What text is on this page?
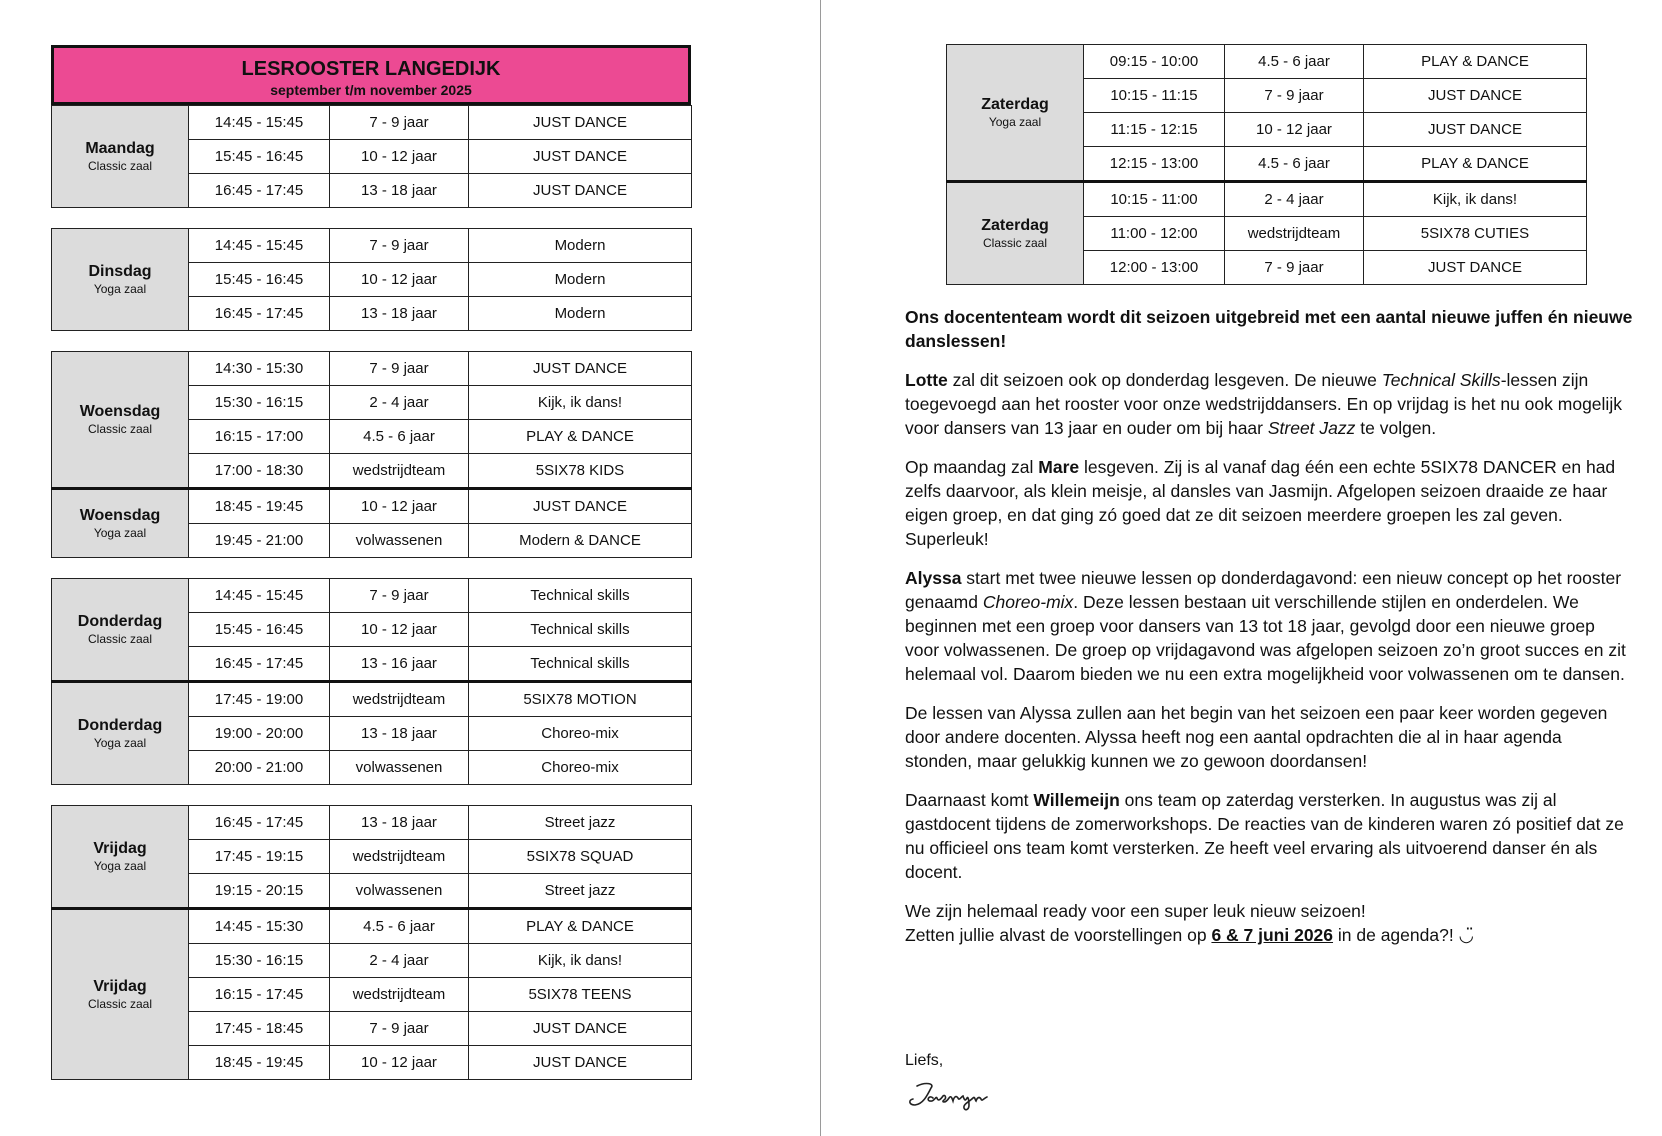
LESROOSTER LANGEDIJK
september t/m november 2025
Maandag
Classic zaal	14:45 - 15:45	7 - 9 jaar	JUST DANCE
	15:45 - 16:45	10 - 12 jaar	JUST DANCE
	16:45 - 17:45	13 - 18 jaar	JUST DANCE
Dinsdag
Yoga zaal	14:45 - 15:45	7 - 9 jaar	Modern
	15:45 - 16:45	10 - 12 jaar	Modern
	16:45 - 17:45	13 - 18 jaar	Modern
Woensdag
Classic zaal	14:30 - 15:30	7 - 9 jaar	JUST DANCE
	15:30 - 16:15	2 - 4 jaar	Kijk, ik dans!
	16:15 - 17:00	4.5 - 6 jaar	PLAY & DANCE
	17:00 - 18:30	wedstrijdteam	5SIX78 KIDS

Woensdag
Yoga zaal	18:45 - 19:45	10 - 12 jaar	JUST DANCE
	19:45 - 21:00	volwassenen	Modern & DANCE
Donderdag
Classic zaal	14:45 - 15:45	7 - 9 jaar	Technical skills
	15:45 - 16:45	10 - 12 jaar	Technical skills
	16:45 - 17:45	13 - 16 jaar	Technical skills

Donderdag
Yoga zaal	17:45 - 19:00	wedstrijdteam	5SIX78 MOTION
	19:00 - 20:00	13 - 18 jaar	Choreo-mix
	20:00 - 21:00	volwassenen	Choreo-mix
Vrijdag
Yoga zaal	16:45 - 17:45	13 - 18 jaar	Street jazz
	17:45 - 19:15	wedstrijdteam	5SIX78 SQUAD
	19:15 - 20:15	volwassenen	Street jazz

Vrijdag
Classic zaal	14:45 - 15:30	4.5 - 6 jaar	PLAY & DANCE
	15:30 - 16:15	2 - 4 jaar	Kijk, ik dans!
	16:15 - 17:45	wedstrijdteam	5SIX78 TEENS
	17:45 - 18:45	7 - 9 jaar	JUST DANCE
	18:45 - 19:45	10 - 12 jaar	JUST DANCE
Zaterdag
Yoga zaal	09:15 - 10:00	4.5 - 6 jaar	PLAY & DANCE
	10:15 - 11:15	7 - 9 jaar	JUST DANCE
	11:15 - 12:15	10 - 12 jaar	JUST DANCE
	12:15 - 13:00	4.5 - 6 jaar	PLAY & DANCE

Zaterdag
Classic zaal	10:15 - 11:00	2 - 4 jaar	Kijk, ik dans!
	11:00 - 12:00	wedstrijdteam	5SIX78 CUTIES
	12:00 - 13:00	7 - 9 jaar	JUST DANCE

Ons docententeam wordt dit seizoen uitgebreid met een aantal nieuwe juffen én nieuwe danslessen!

Lotte zal dit seizoen ook op donderdag lesgeven. De nieuwe Technical Skills-lessen zijn toegevoegd aan het rooster voor onze wedstrijddansers. En op vrijdag is het nu ook mogelijk voor dansers van 13 jaar en ouder om bij haar Street Jazz te volgen.

Op maandag zal Mare lesgeven. Zij is al vanaf dag één een echte 5SIX78 DANCER en had zelfs daarvoor, als klein meisje, al dansles van Jasmijn. Afgelopen seizoen draaide ze haar eigen groep, en dat ging zó goed dat ze dit seizoen meerdere groepen les zal geven. Superleuk!

Alyssa start met twee nieuwe lessen op donderdagavond: een nieuw concept op het rooster genaamd Choreo-mix. Deze lessen bestaan uit verschillende stijlen en onderdelen. We beginnen met een groep voor dansers van 13 tot 18 jaar, gevolgd door een nieuwe groep voor volwassenen. De groep op vrijdagavond was afgelopen seizoen zo’n groot succes en zit helemaal vol. Daarom bieden we nu een extra mogelijkheid voor volwassenen om te dansen.

De lessen van Alyssa zullen aan het begin van het seizoen een paar keer worden gegeven door andere docenten. Alyssa heeft nog een aantal opdrachten die al in haar agenda stonden, maar gelukkig kunnen we zo gewoon doordansen!

Daarnaast komt Willemeijn ons team op zaterdag versterken. In augustus was zij al gastdocent tijdens de zomerworkshops. De reacties van de kinderen waren zó positief dat ze nu officieel ons team komt versterken. Ze heeft veel ervaring als uitvoerend danser én als docent.

We zijn helemaal ready voor een super leuk nieuw seizoen!
Zetten jullie alvast de voorstellingen op 6 & 7 juni 2026 in de agenda?! ◡̈

Liefs,
